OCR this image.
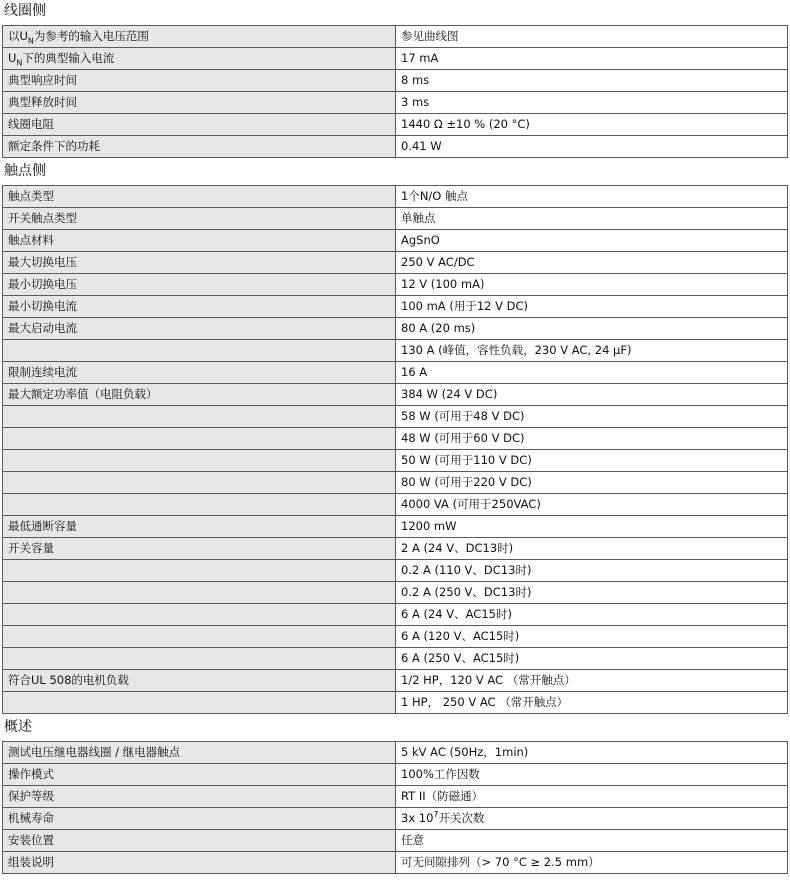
线圈侧
以$U_N$为参考的输入电压范围	参见曲线图
$U_N$下的典型输入电流	17 mA
典型响应时间	8 ms
典型释放时间	3 ms
线圈电阻	1440 Ω ±10 % (20 °C)
额定条件下的功耗	0.41 W
触点侧
触点类型	1个N/O 触点
开关触点类型	单触点
触点材料	AgSnO
最大切换电压	250 V AC/DC
最小切换电压	12 V (100 mA)
最小切换电流	100 mA (用于12 V DC)
最大启动电流	80 A (20 ms)
	130 A (峰值，容性负载，230 V AC, 24 μF)
限制连续电流	16 A
最大额定功率值（电阻负载）	384 W (24 V DC)
	58 W (可用于48 V DC)
	48 W (可用于60 V DC)
	50 W (可用于110 V DC)
	80 W (可用于220 V DC)
	4000 VA (可用于250VAC)
最低通断容量	1200 mW
开关容量	2 A (24 V、DC13时)
	0.2 A (110 V、DC13时)
	0.2 A (250 V、DC13时)
	6 A (24 V、AC15时)
	6 A (120 V、AC15时)
	6 A (250 V、AC15时)
符合UL 508的电机负载	1/2 HP，120 V AC （常开触点）
	1 HP， 250 V AC （常开触点）
概述
测试电压继电器线圈 / 继电器触点	5 kV AC (50Hz，1min)
操作模式	100%工作因数
保护等级	RT II（防磁通）
机械寿命	3x $10^7$开关次数
安装位置	任意
组装说明	可无间隙排列（> 70 °C ≥ 2.5 mm）
